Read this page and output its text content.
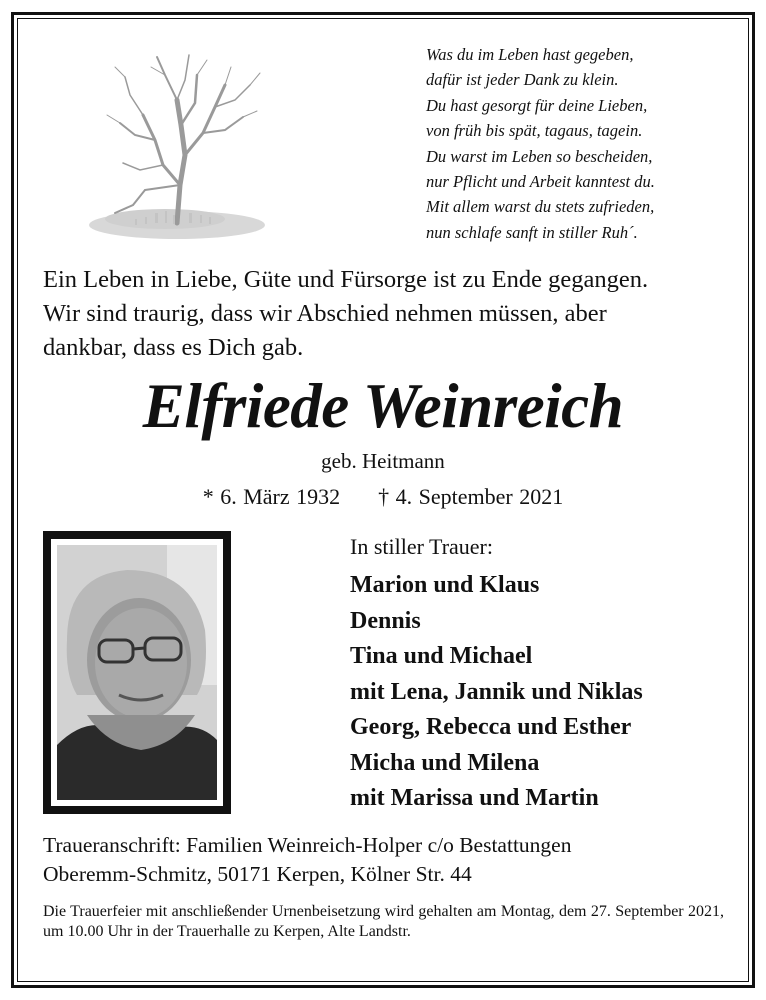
Was du im Leben hast gegeben,
dafür ist jeder Dank zu klein.
Du hast gesorgt für deine Lieben,
von früh bis spät, tagaus, tagein.
Du warst im Leben so bescheiden,
nur Pflicht und Arbeit kanntest du.
Mit allem warst du stets zufrieden,
nun schlafe sanft in stiller Ruh´.
Ein Leben in Liebe, Güte und Fürsorge ist zu Ende gegangen.
Wir sind traurig, dass wir Abschied nehmen müssen, aber
dankbar, dass es Dich gab.
Elfriede Weinreich
geb. Heitmann
* 6. März 1932 † 4. September 2021
In stiller Trauer:
Marion und Klaus
Dennis
Tina und Michael
mit Lena, Jannik und Niklas
Georg, Rebecca und Esther
Micha und Milena
mit Marissa und Martin
Traueranschrift: Familien Weinreich-Holper c/o Bestattungen
Oberemm-Schmitz, 50171 Kerpen, Kölner Str. 44
Die Trauerfeier mit anschließender Urnenbeisetzung wird gehalten am Montag, dem 27. September 2021, um 10.00 Uhr in der Trauerhalle zu Kerpen, Alte Landstr.
